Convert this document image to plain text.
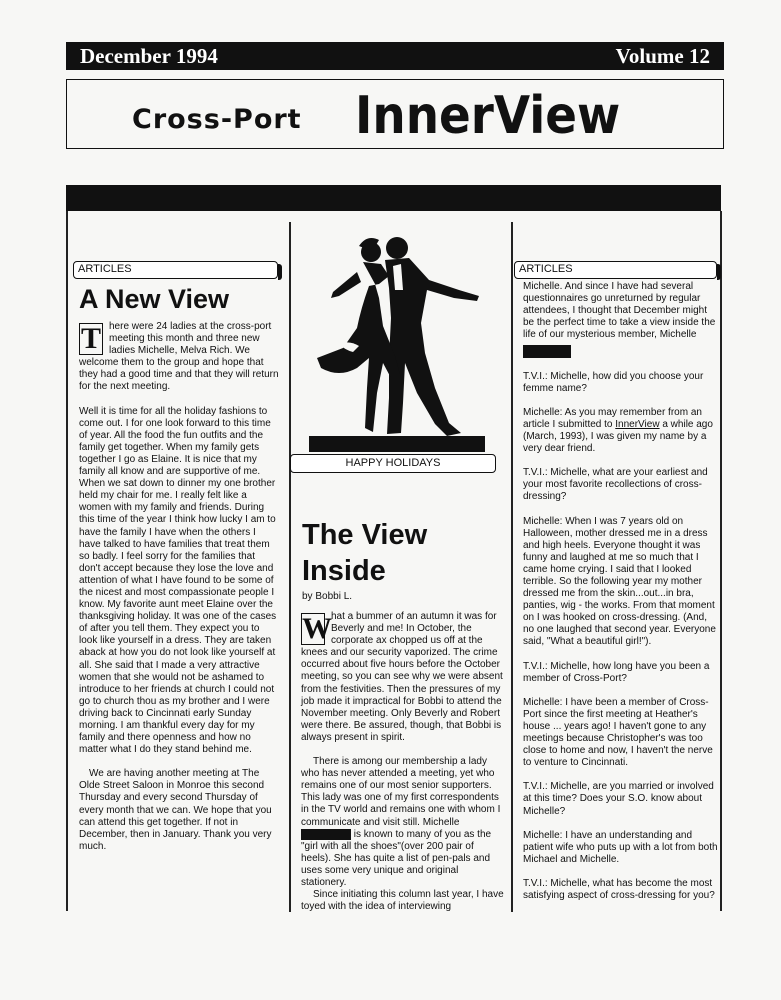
December 1994	Volume 12
Cross-Port InnerView
ARTICLES
A New View

T here were 24 ladies at the cross-port meeting this month and three new ladies Michelle, Melva Rich. We welcome them to the group and hope that they had a good time and that they will return for the next meeting.

Well it is time for all the holiday fashions to come out. I for one look forward to this time of year. All the food the fun outfits and the family get together. When my family gets together I go as Elaine. It is nice that my family all know and are supportive of me. When we sat down to dinner my one brother held my chair for me. I really felt like a women with my family and friends. During this time of the year I think how lucky I am to have the family I have when the others I have talked to have families that treat them so badly. I feel sorry for the families that don't accept because they lose the love and attention of what I have found to be some of the nicest and most compassionate people I know. My favorite aunt meet Elaine over the thanksgiving holiday. It was one of the cases of after you tell them. They expect you to look like yourself in a dress. They are taken aback at how you do not look like yourself at all. She said that I made a very attractive women that she would not be ashamed to introduce to her friends at church I could not go to church thou as my brother and I were driving back to Cincinnati early Sunday morning. I am thankful every day for my family and there openness and how no matter what I do they stand behind me.

We are having another meeting at The Olde Street Saloon in Monroe this second Thursday and every second Thursday of every month that we can. We hope that you can attend this get together. If not in December, then in January. Thank you very much.

HAPPY HOLIDAYS
The View
Inside
by Bobbi L.

W hat a bummer of an autumn it was for Beverly and me! In October, the corporate ax chopped us off at the knees and our security vaporized. The crime occurred about five hours before the October meeting, so you can see why we were absent from the festivities. Then the pressures of my job made it impractical for Bobbi to attend the November meeting. Only Beverly and Robert were there. Be assured, though, that Bobbi is always present in spirit.

There is among our membership a lady who has never attended a meeting, yet who remains one of our most senior supporters. This lady was one of my first correspondents in the TV world and remains one with whom I communicate and visit still. Michelle  is known to many of you as the "girl with all the shoes"(over 200 pair of heels). She has quite a list of pen-pals and uses some very unique and original stationery.

Since initiating this column last year, I have toyed with the idea of interviewing

ARTICLES

Michelle. And since I have had several questionnaires go unreturned by regular attendees, I thought that December might be the perfect time to take a view inside the life of our mysterious member, Michelle

T.V.I.: Michelle, how did you choose your femme name?

Michelle: As you may remember from an article I submitted to InnerView a while ago (March, 1993), I was given my name by a very dear friend.

T.V.I.: Michelle, what are your earliest and your most favorite recollections of cross-dressing?

Michelle: When I was 7 years old on Halloween, mother dressed me in a dress and high heels. Everyone thought it was funny and laughed at me so much that I came home crying. I said that I looked terrible. So the following year my mother dressed me from the skin...out...in bra, panties, wig - the works. From that moment on I was hooked on cross-dressing. (And, no one laughed that second year. Everyone said, "What a beautiful girl!").

T.V.I.: Michelle, how long have you been a member of Cross-Port?

Michelle: I have been a member of Cross-Port since the first meeting at Heather's house ... years ago! I haven't gone to any meetings because Christopher's was too close to home and now, I haven't the nerve to venture to Cincinnati.

T.V.I.: Michelle, are you married or involved at this time? Does your S.O. know about Michelle?

Michelle: I have an understanding and patient wife who puts up with a lot from both Michael and Michelle.

T.V.I.: Michelle, what has become the most satisfying aspect of cross-dressing for you?
